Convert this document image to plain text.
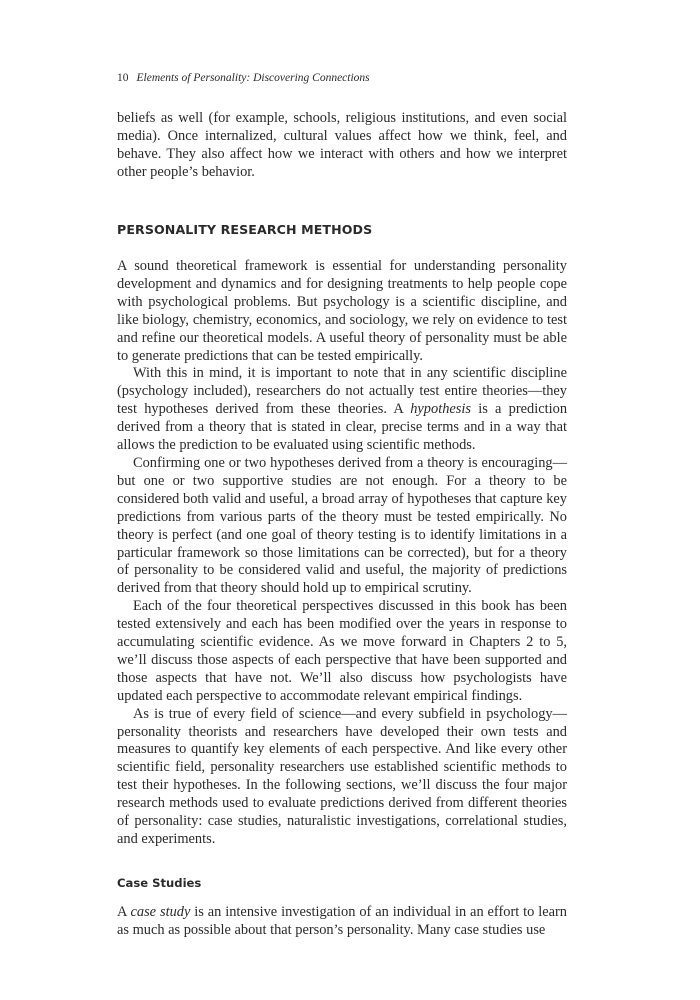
10 Elements of Personality: Discovering Connections

beliefs as well (for example, schools, religious institutions, and even social media). Once internalized, cultural values affect how we think, feel, and behave. They also affect how we interact with others and how we interpret other people’s behavior.

PERSONALITY RESEARCH METHODS

A sound theoretical framework is essential for understanding personality development and dynamics and for designing treatments to help people cope with psychological problems. But psychology is a scientific discipline, and like biology, chemistry, economics, and sociology, we rely on evidence to test and refine our theoretical models. A useful theory of personality must be able to generate predictions that can be tested empirically.

With this in mind, it is important to note that in any scientific discipline (psychology included), researchers do not actually test entire theories—they test hypotheses derived from these theories. A hypothesis is a prediction derived from a theory that is stated in clear, precise terms and in a way that allows the prediction to be evaluated using scientific methods.

Confirming one or two hypotheses derived from a theory is encouraging—but one or two supportive studies are not enough. For a theory to be considered both valid and useful, a broad array of hypotheses that capture key predictions from various parts of the theory must be tested empirically. No theory is perfect (and one goal of theory testing is to identify limitations in a particular framework so those limitations can be corrected), but for a theory of personality to be considered valid and useful, the majority of predictions derived from that theory should hold up to empirical scrutiny.

Each of the four theoretical perspectives discussed in this book has been tested extensively and each has been modified over the years in response to accumulating scientific evidence. As we move forward in Chapters 2 to 5, we’ll discuss those aspects of each perspective that have been supported and those aspects that have not. We’ll also discuss how psychologists have updated each perspective to accommodate relevant empirical findings.

As is true of every field of science—and every subfield in psychology—personality theorists and researchers have developed their own tests and measures to quantify key elements of each perspective. And like every other scientific field, personality researchers use established scientific methods to test their hypotheses. In the following sections, we’ll discuss the four major research methods used to evaluate predictions derived from different theories of personality: case studies, naturalistic investigations, correlational studies, and experiments.

Case Studies

A case study is an intensive investigation of an individual in an effort to learn as much as possible about that person’s personality. Many case studies use
